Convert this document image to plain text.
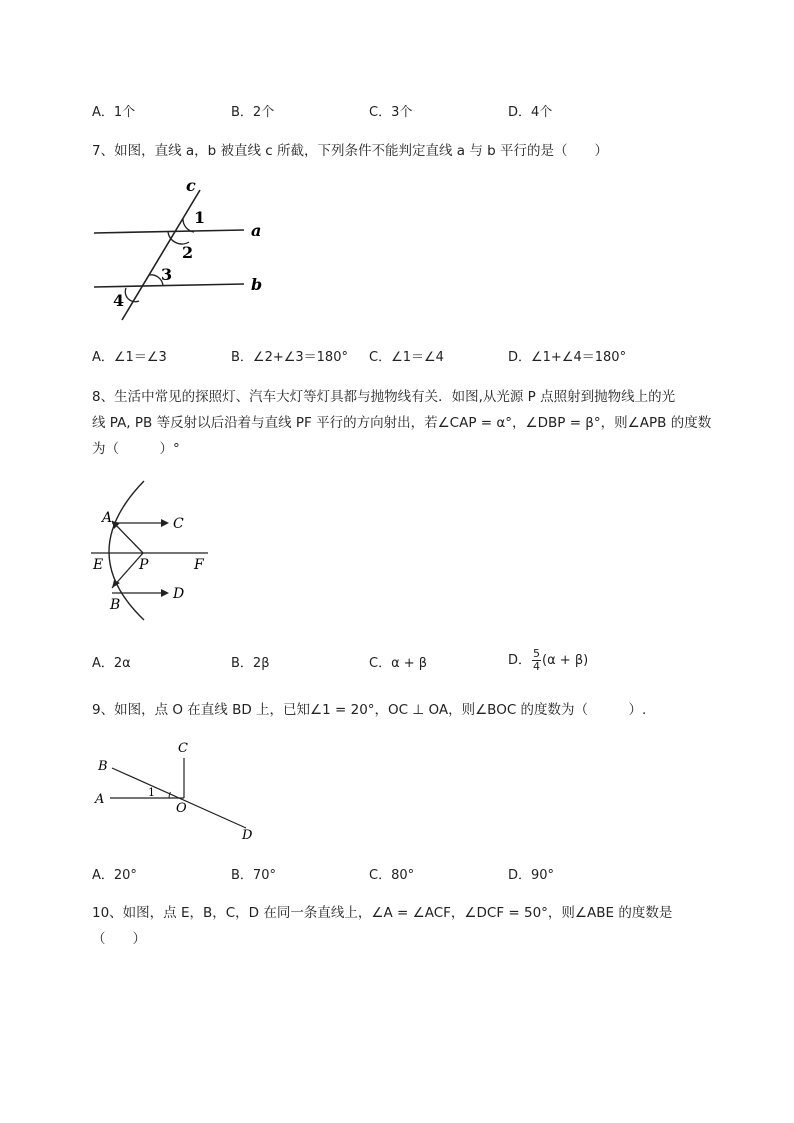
A．1个	B．2个	C．3个	D．4个
7、如图，直线 a，b 被直线 c 所截，下列条件不能判定直线 a 与 b 平行的是（　　）
c
1
a
2
3
b
4
A．∠1＝∠3	B．∠2+∠3＝180° C．∠1＝∠4	D．∠1+∠4＝180°
8、生活中常见的探照灯、汽车大灯等灯具都与抛物线有关．如图,从光源 P 点照射到抛物线上的光
线 PA, PB 等反射以后沿着与直线 PF 平行的方向射出，若∠CAP = α°，∠DBP = β°，则∠APB 的度数
为（　　　）°
A	C
E	P	F
D
B
A．2α	B．2β	C．α + β	D． $\frac{5}{4} (\alpha + \beta)$
9、如图，点 O 在直线 BD 上，已知∠1 = 20°，OC ⊥ OA，则∠BOC 的度数为（　　　）.
C
B
1
A
O
D
A．20°	B．70°	C．80°	D．90°
10、如图，点 E，B，C，D 在同一条直线上，∠A = ∠ACF，∠DCF = 50°，则∠ABE 的度数是
（　　）
